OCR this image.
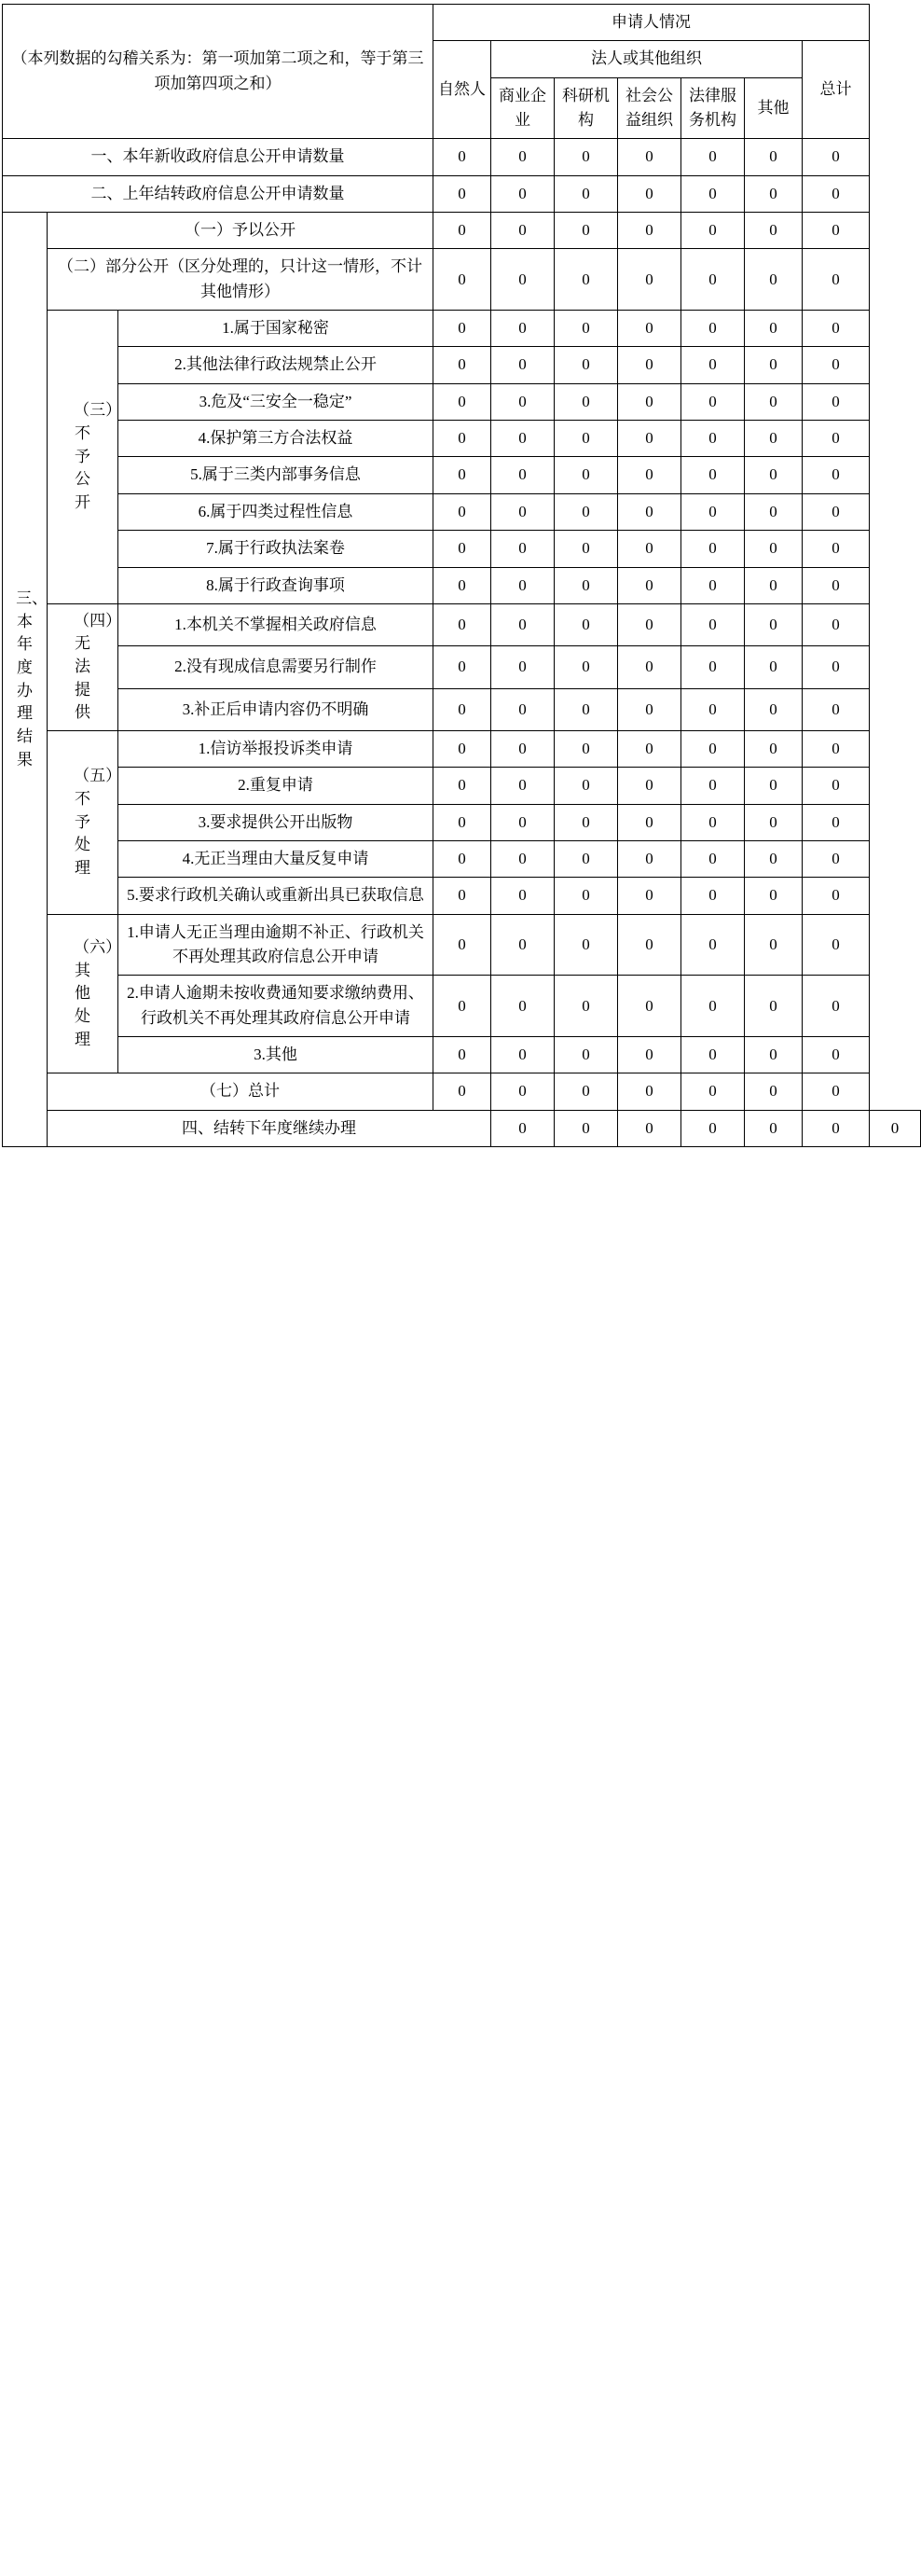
（本列数据的勾稽关系为：第一项加第二项之和，等于第三项加第四项之和）			申请人情况							
			自然人	法人或其他组织					总计	
				商业企业	科研机构	社会公益组织	法律服务机构	其他		
一、本年新收政府信息公开申请数量			0	0	0	0	0	0	0	
二、上年结转政府信息公开申请数量			0	0	0	0	0	0	0	

三、本年度办理结果	（一）予以公开		0	0	0	0	0	0	0	
	（二）部分公开（区分处理的，只计这一情形，不计其他情形）		0	0	0	0	0	0	0	

	（三）不予公开	1.属于国家秘密	0	0	0	0	0	0	0	
		2.其他法律行政法规禁止公开	0	0	0	0	0	0	0	
		3.危及“三安全一稳定”	0	0	0	0	0	0	0	
		4.保护第三方合法权益	0	0	0	0	0	0	0	
		5.属于三类内部事务信息	0	0	0	0	0	0	0	
		6.属于四类过程性信息	0	0	0	0	0	0	0	
		7.属于行政执法案卷	0	0	0	0	0	0	0	
		8.属于行政查询事项	0	0	0	0	0	0	0	

	（四）无法提供	1.本机关不掌握相关政府信息	0	0	0	0	0	0	0	
		2.没有现成信息需要另行制作	0	0	0	0	0	0	0	
		3.补正后申请内容仍不明确	0	0	0	0	0	0	0	

	（五）不予处理	1.信访举报投诉类申请	0	0	0	0	0	0	0	
		2.重复申请	0	0	0	0	0	0	0	
		3.要求提供公开出版物	0	0	0	0	0	0	0	
		4.无正当理由大量反复申请	0	0	0	0	0	0	0	
		5.要求行政机关确认或重新出具已获取信息	0	0	0	0	0	0	0	

	（六）其他处理	1.申请人无正当理由逾期不补正、行政机关不再处理其政府信息公开申请	0	0	0	0	0	0	0	
		2.申请人逾期未按收费通知要求缴纳费用、行政机关不再处理其政府信息公开申请	0	0	0	0	0	0	0	
		3.其他	0	0	0	0	0	0	0	
	（七）总计		0	0	0	0	0	0	0	
	四、结转下年度继续办理			0	0	0	0	0	0	0
